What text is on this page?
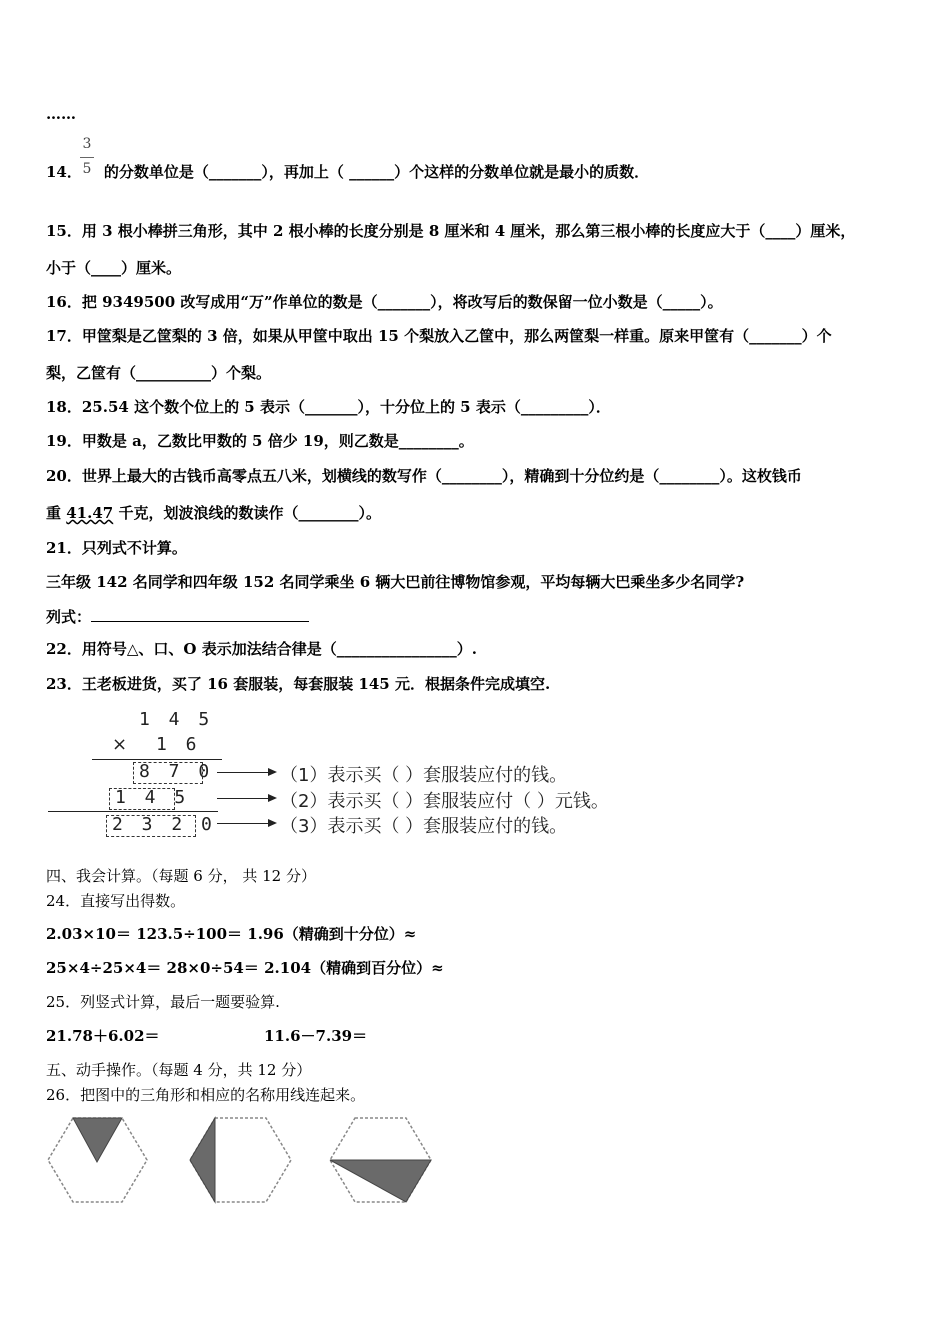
……
14． 的分数单位是（_______），再加上（ ______）个这样的分数单位就是最小的质数．
3
5
15．用 3 根小棒拼三角形，其中 2 根小棒的长度分别是 8 厘米和 4 厘米，那么第三根小棒的长度应大于（____）厘米，
小于（____）厘米。
16．把 9349500 改写成用“万”作单位的数是（_______），将改写后的数保留一位小数是（_____）。
17．甲筐梨是乙筐梨的 3 倍，如果从甲筐中取出 15 个梨放入乙筐中，那么两筐梨一样重。原来甲筐有（_______）个
梨，乙筐有（__________）个梨。
18．25.54 这个数个位上的 5 表示（_______），十分位上的 5 表示（_________）．
19．甲数是 a，乙数比甲数的 5 倍少 19，则乙数是________。
20．世界上最大的古钱币高零点五八米，划横线的数写作（________），精确到十分位约是（________）。这枚钱币
重 41.47 千克，划波浪线的数读作（________）。
21．只列式不计算。
三年级 142 名同学和四年级 152 名同学乘坐 6 辆大巴前往博物馆参观，平均每辆大巴乘坐多少名同学?
列式：
22．用符号△、口、O 表示加法结合律是（________________）.
23．王老板进货，买了 16 套服装，每套服装 145 元．根据条件完成填空.
1 4 5
× 1 6
8 7 0
1 4 5
2 3 2 0
（1）表示买（ ）套服装应付的钱。
（2）表示买（ ）套服装应付（ ）元钱。
（3）表示买（ ）套服装应付的钱。
四、我会计算。（每题 6 分， 共 12 分）
24．直接写出得数。
2.03×10＝ 123.5÷100＝ 1.96（精确到十分位）≈
25×4÷25×4＝ 28×0÷54＝ 2.104（精确到百分位）≈
25．列竖式计算，最后一题要验算.
21.78＋6.02＝	11.6－7.39＝
五、动手操作。（每题 4 分，共 12 分）
26．把图中的三角形和相应的名称用线连起来。
